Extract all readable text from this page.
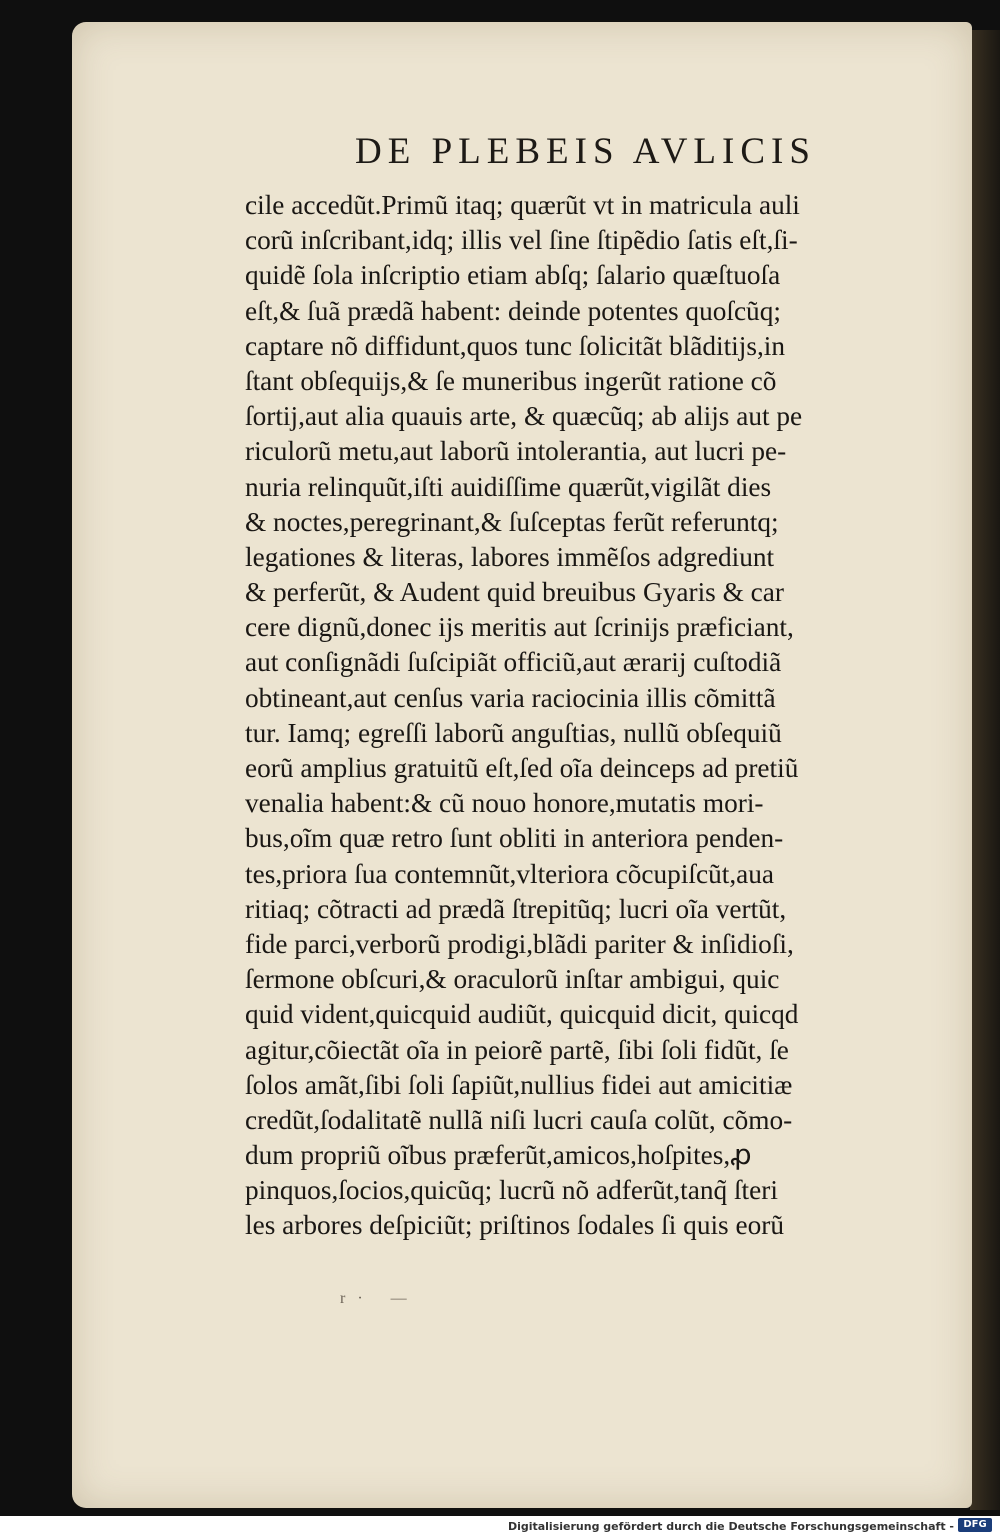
DE PLEBEIS AVLICIS
cile accedũt.Primũ itaq; quærũt vt in matricula auli
corũ inſcribant,idq; illis vel ſine ſtipẽdio ſatis eſt,ſi-
quidẽ ſola inſcriptio etiam abſq; ſalario quæſtuoſa
eſt,& ſuã prædã habent: deinde potentes quoſcũq;
captare nõ diffidunt,quos tunc ſolicitãt blãditijs,in
ſtant obſequijs,& ſe muneribus ingerũt ratione cõ
ſortij,aut alia quauis arte, & quæcũq; ab alijs aut pe
riculorũ metu,aut laborũ intolerantia, aut lucri pe-
nuria relinquũt,iſti auidiſſime quærũt,vigilãt dies
& noctes,peregrinant,& ſuſceptas ferũt referuntq;
legationes & literas, labores immẽſos adgrediunt
& perferũt, & Audent quid breuibus Gyaris & car
cere dignũ,donec ijs meritis aut ſcrinijs præficiant,
aut conſignãdi ſuſcipiãt officiũ,aut ærarij cuſtodiã
obtineant,aut cenſus varia raciocinia illis cõmittã
tur. Iamq; egreſſi laborũ anguſtias, nullũ obſequiũ
eorũ amplius gratuitũ eſt,ſed oĩa deinceps ad pretiũ
venalia habent:& cũ nouo honore,mutatis mori-
bus,oĩm quæ retro ſunt obliti in anteriora penden-
tes,priora ſua contemnũt,vlteriora cõcupiſcũt,aua
ritiaq; cõtracti ad prædã ſtrepitũq; lucri oĩa vertũt,
fide parci,verborũ prodigi,blãdi pariter & inſidioſi,
ſermone obſcuri,& oraculorũ inſtar ambigui, quic
quid vident,quicquid audiũt, quicquid dicit, quicqd
agitur,cõiectãt oĩa in peiorẽ partẽ, ſibi ſoli fidũt, ſe
ſolos amãt,ſibi ſoli ſapiũt,nullius fidei aut amicitiæ
credũt,ſodalitatẽ nullã niſi lucri cauſa colũt, cõmo-
dum propriũ oĩbus præferũt,amicos,hoſpites,ꝓ
pinquos,ſocios,quicũq; lucrũ nõ adferũt,tanq̃ ſteri
les arbores deſpiciũt; priſtinos ſodales ſi quis eorũ
r· —
Digitalisierung gefördert durch die Deutsche Forschungsgemeinschaft - DFG
